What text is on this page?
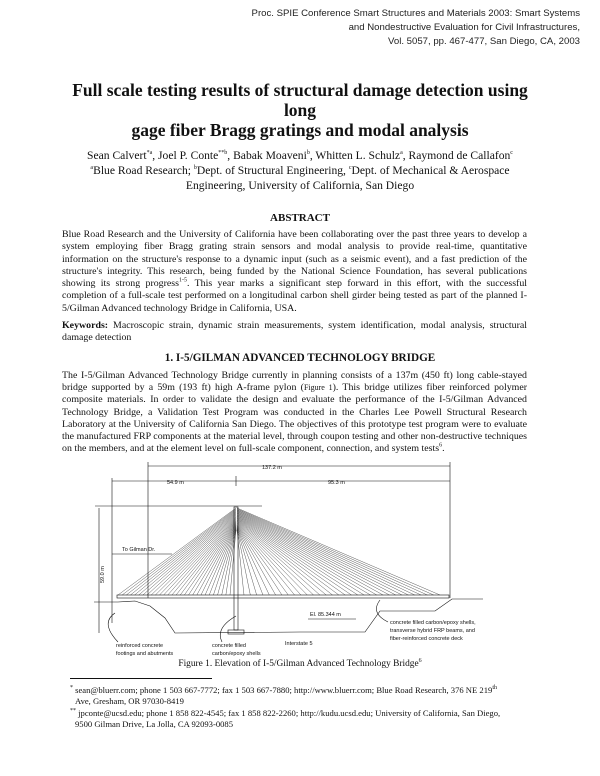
Proc. SPIE Conference Smart Structures and Materials 2003: Smart Systems
and Nondestructive Evaluation for Civil Infrastructures,
Vol. 5057, pp. 467-477, San Diego, CA, 2003
Full scale testing results of structural damage detection using long
gage fiber Bragg gratings and modal analysis
Sean Calvert$^{*a}$, Joel P. Conte$^{**b}$, Babak Moaveni$^b$, Whitten L. Schulz$^a$, Raymond de Callafon$^c$
$^a$Blue Road Research; $^b$Dept. of Structural Engineering, $^c$Dept. of Mechanical & Aerospace
Engineering, University of California, San Diego
ABSTRACT
Blue Road Research and the University of California have been collaborating over the past three years to develop a system employing fiber Bragg grating strain sensors and modal analysis to provide real-time, quantitative information on the structure's response to a dynamic input (such as a seismic event), and a fast prediction of the structure's integrity. This research, being funded by the National Science Foundation, has several publications showing its strong progress$^{1-5}$. This year marks a significant step forward in this effort, with the successful completion of a full-scale test performed on a longitudinal carbon shell girder being tested as part of the planned I-5/Gilman Advanced technology Bridge in California, USA.
Keywords: Macroscopic strain, dynamic strain measurements, system identification, modal analysis, structural damage detection
1. I-5/GILMAN ADVANCED TECHNOLOGY BRIDGE
The I-5/Gilman Advanced Technology Bridge currently in planning consists of a 137m (450 ft) long cable-stayed bridge supported by a 59m (193 ft) high A-frame pylon (Figure 1). This bridge utilizes fiber reinforced polymer composite materials. In order to validate the design and evaluate the performance of the I-5/Gilman Advanced Technology Bridge, a Validation Test Program was conducted in the Charles Lee Powell Structural Research Laboratory at the University of California San Diego. The objectives of this prototype test program were to evaluate the manufactured FRP components at the material level, through coupon testing and other non-destructive techniques on the members, and at the element level on full-scale component, connection, and system tests$^6$.
137.2 m
54.9 m	95.3 m
59.0 m
To Gilman Dr.
El. 85.344 m
Interstate 5
reinforced concrete
footings and abutments
concrete filled
carbon/epoxy shells
concrete filled carbon/epoxy shells,
transverse hybrid FRP beams, and
fiber-reinforced concrete deck
Figure 1. Elevation of I-5/Gilman Advanced Technology Bridge$^6$
* sean@bluerr.com; phone 1 503 667-7772; fax 1 503 667-7880; http://www.bluerr.com; Blue Road Research, 376 NE 219th
Ave, Gresham, OR 97030-8419
** jpconte@ucsd.edu; phone 1 858 822-4545; fax 1 858 822-2260; http://kudu.ucsd.edu; University of California, San Diego,
9500 Gilman Drive, La Jolla, CA 92093-0085
